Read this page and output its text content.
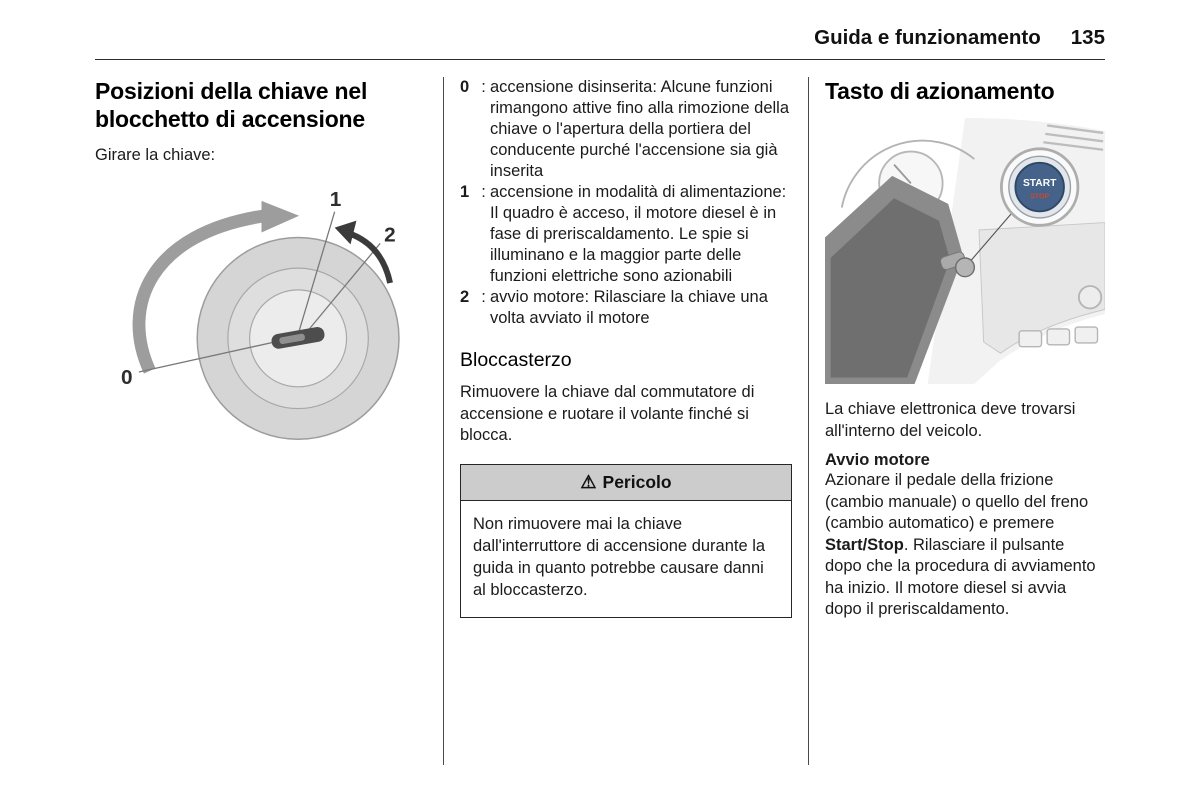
Guida e funzionamento 135
Posizioni della chiave nel blocchetto di accensione

Girare la chiave:

1
2
0
0 : accensione disinserita: Alcune funzioni rimangono attive fino alla rimozione della chiave o l'apertura della portiera del conducente purché l'accensione sia già inserita
1 : accensione in modalità di alimentazione: Il quadro è acceso, il motore diesel è in fase di preriscaldamento. Le spie si illuminano e la maggior parte delle funzioni elettriche sono azionabili
2 : avvio motore: Rilasciare la chiave una volta avviato il motore
Bloccasterzo

Rimuovere la chiave dal commutatore di accensione e ruotare il volante finché si blocca.

⚠ Pericolo
Non rimuovere mai la chiave dall'interruttore di accensione durante la guida in quanto potrebbe causare danni al bloccasterzo.
Tasto di azionamento
START
STOP

La chiave elettronica deve trovarsi all'interno del veicolo.

Avvio motore

Azionare il pedale della frizione (cambio manuale) o quello del freno (cambio automatico) e premere Start/Stop. Rilasciare il pulsante dopo che la procedura di avviamento ha inizio. Il motore diesel si avvia dopo il preriscaldamento.
